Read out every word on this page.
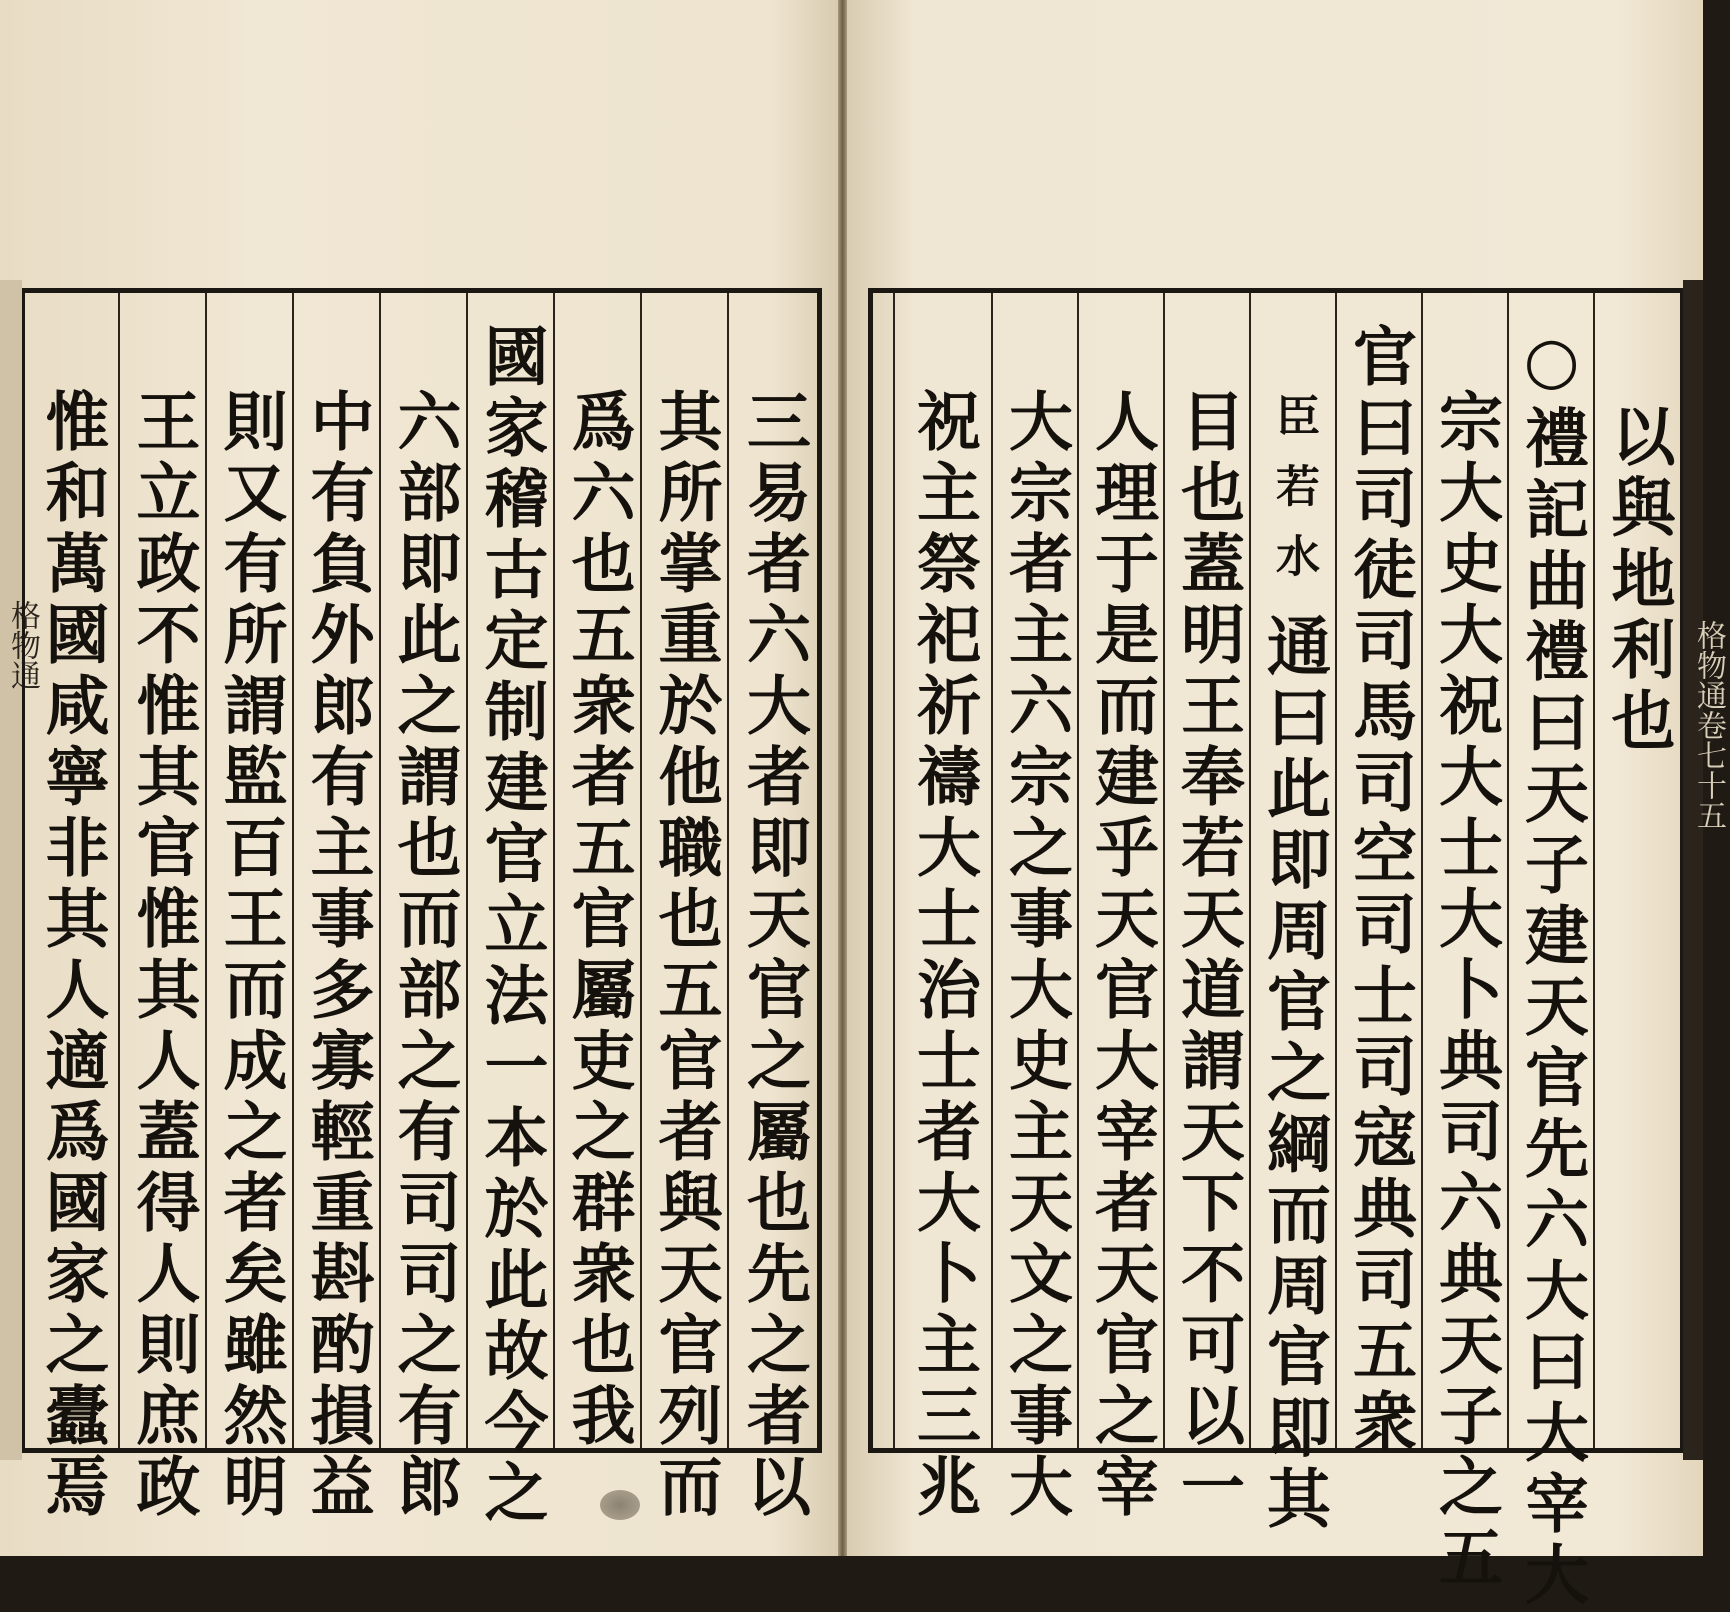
格物通	格物通卷七十五
三易者六大者即天官之屬也先之者以
其所掌重於他職也五官者與天官列而
爲六也五衆者五官屬吏之群衆也我
國家稽古定制建官立法一本於此故今之
六部即此之謂也而部之有司司之有郎
中有負外郎有主事多寡輕重斟酌損益
則又有所謂監百王而成之者矣雖然明
王立政不惟其官惟其人蓋得人則庶政
惟和萬國咸寧非其人適爲國家之蠹焉	以與地利也
○禮記曲禮曰天子建天官先六大曰大宰大
宗大史大祝大士大卜典司六典天子之五
官曰司徒司馬司空司士司寇典司五衆
臣若水
通曰此即周官之綱而周官即其
目也蓋明王奉若天道謂天下不可以一
人理于是而建乎天官大宰者天官之宰
大宗者主六宗之事大史主天文之事大
祝主祭祀祈禱大士治士者大卜主三兆
